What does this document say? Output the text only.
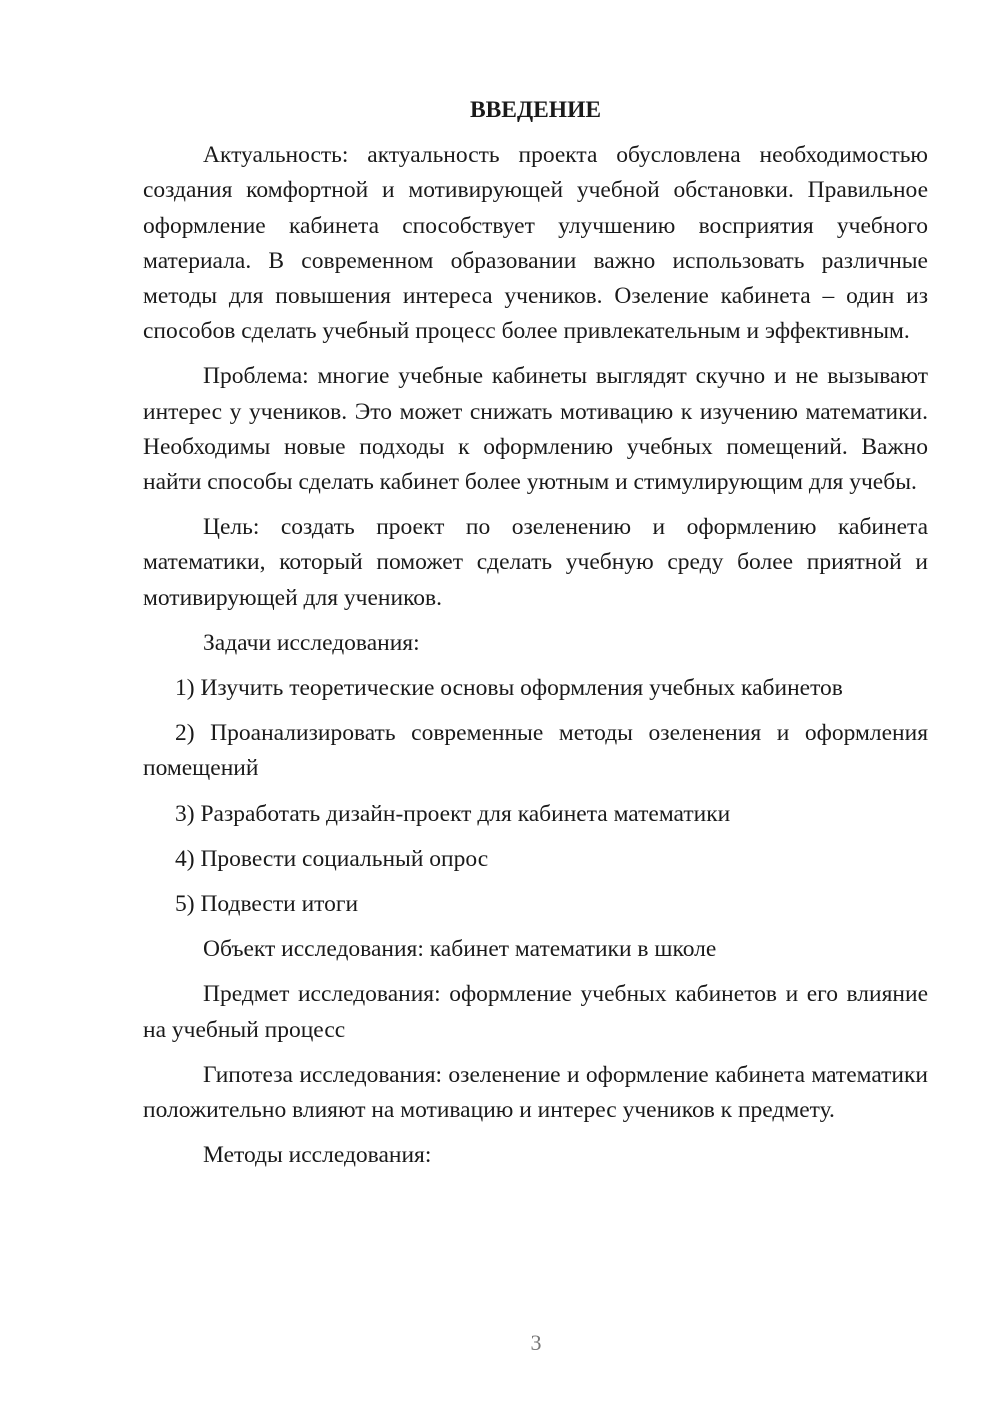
ВВЕДЕНИЕ

Актуальность: актуальность проекта обусловлена необходимостью создания комфортной и мотивирующей учебной обстановки. Правильное оформление кабинета способствует улучшению восприятия учебного материала. В современном образовании важно использовать различные методы для повышения интереса учеников. Озеление кабинета – один из способов сделать учебный процесс более привлекательным и эффективным.

Проблема: многие учебные кабинеты выглядят скучно и не вызывают интерес у учеников. Это может снижать мотивацию к изучению математики. Необходимы новые подходы к оформлению учебных помещений. Важно найти способы сделать кабинет более уютным и стимулирующим для учебы.

Цель: создать проект по озеленению и оформлению кабинета математики, который поможет сделать учебную среду более приятной и мотивирующей для учеников.

Задачи исследования:

1) Изучить теоретические основы оформления учебных кабинетов

2) Проанализировать современные методы озеленения и оформления помещений

3) Разработать дизайн-проект для кабинета математики

4) Провести социальный опрос

5) Подвести итоги

Объект исследования: кабинет математики в школе

Предмет исследования: оформление учебных кабинетов и его влияние на учебный процесс

Гипотеза исследования: озеленение и оформление кабинета математики положительно влияют на мотивацию и интерес учеников к предмету.

Методы исследования:

3
